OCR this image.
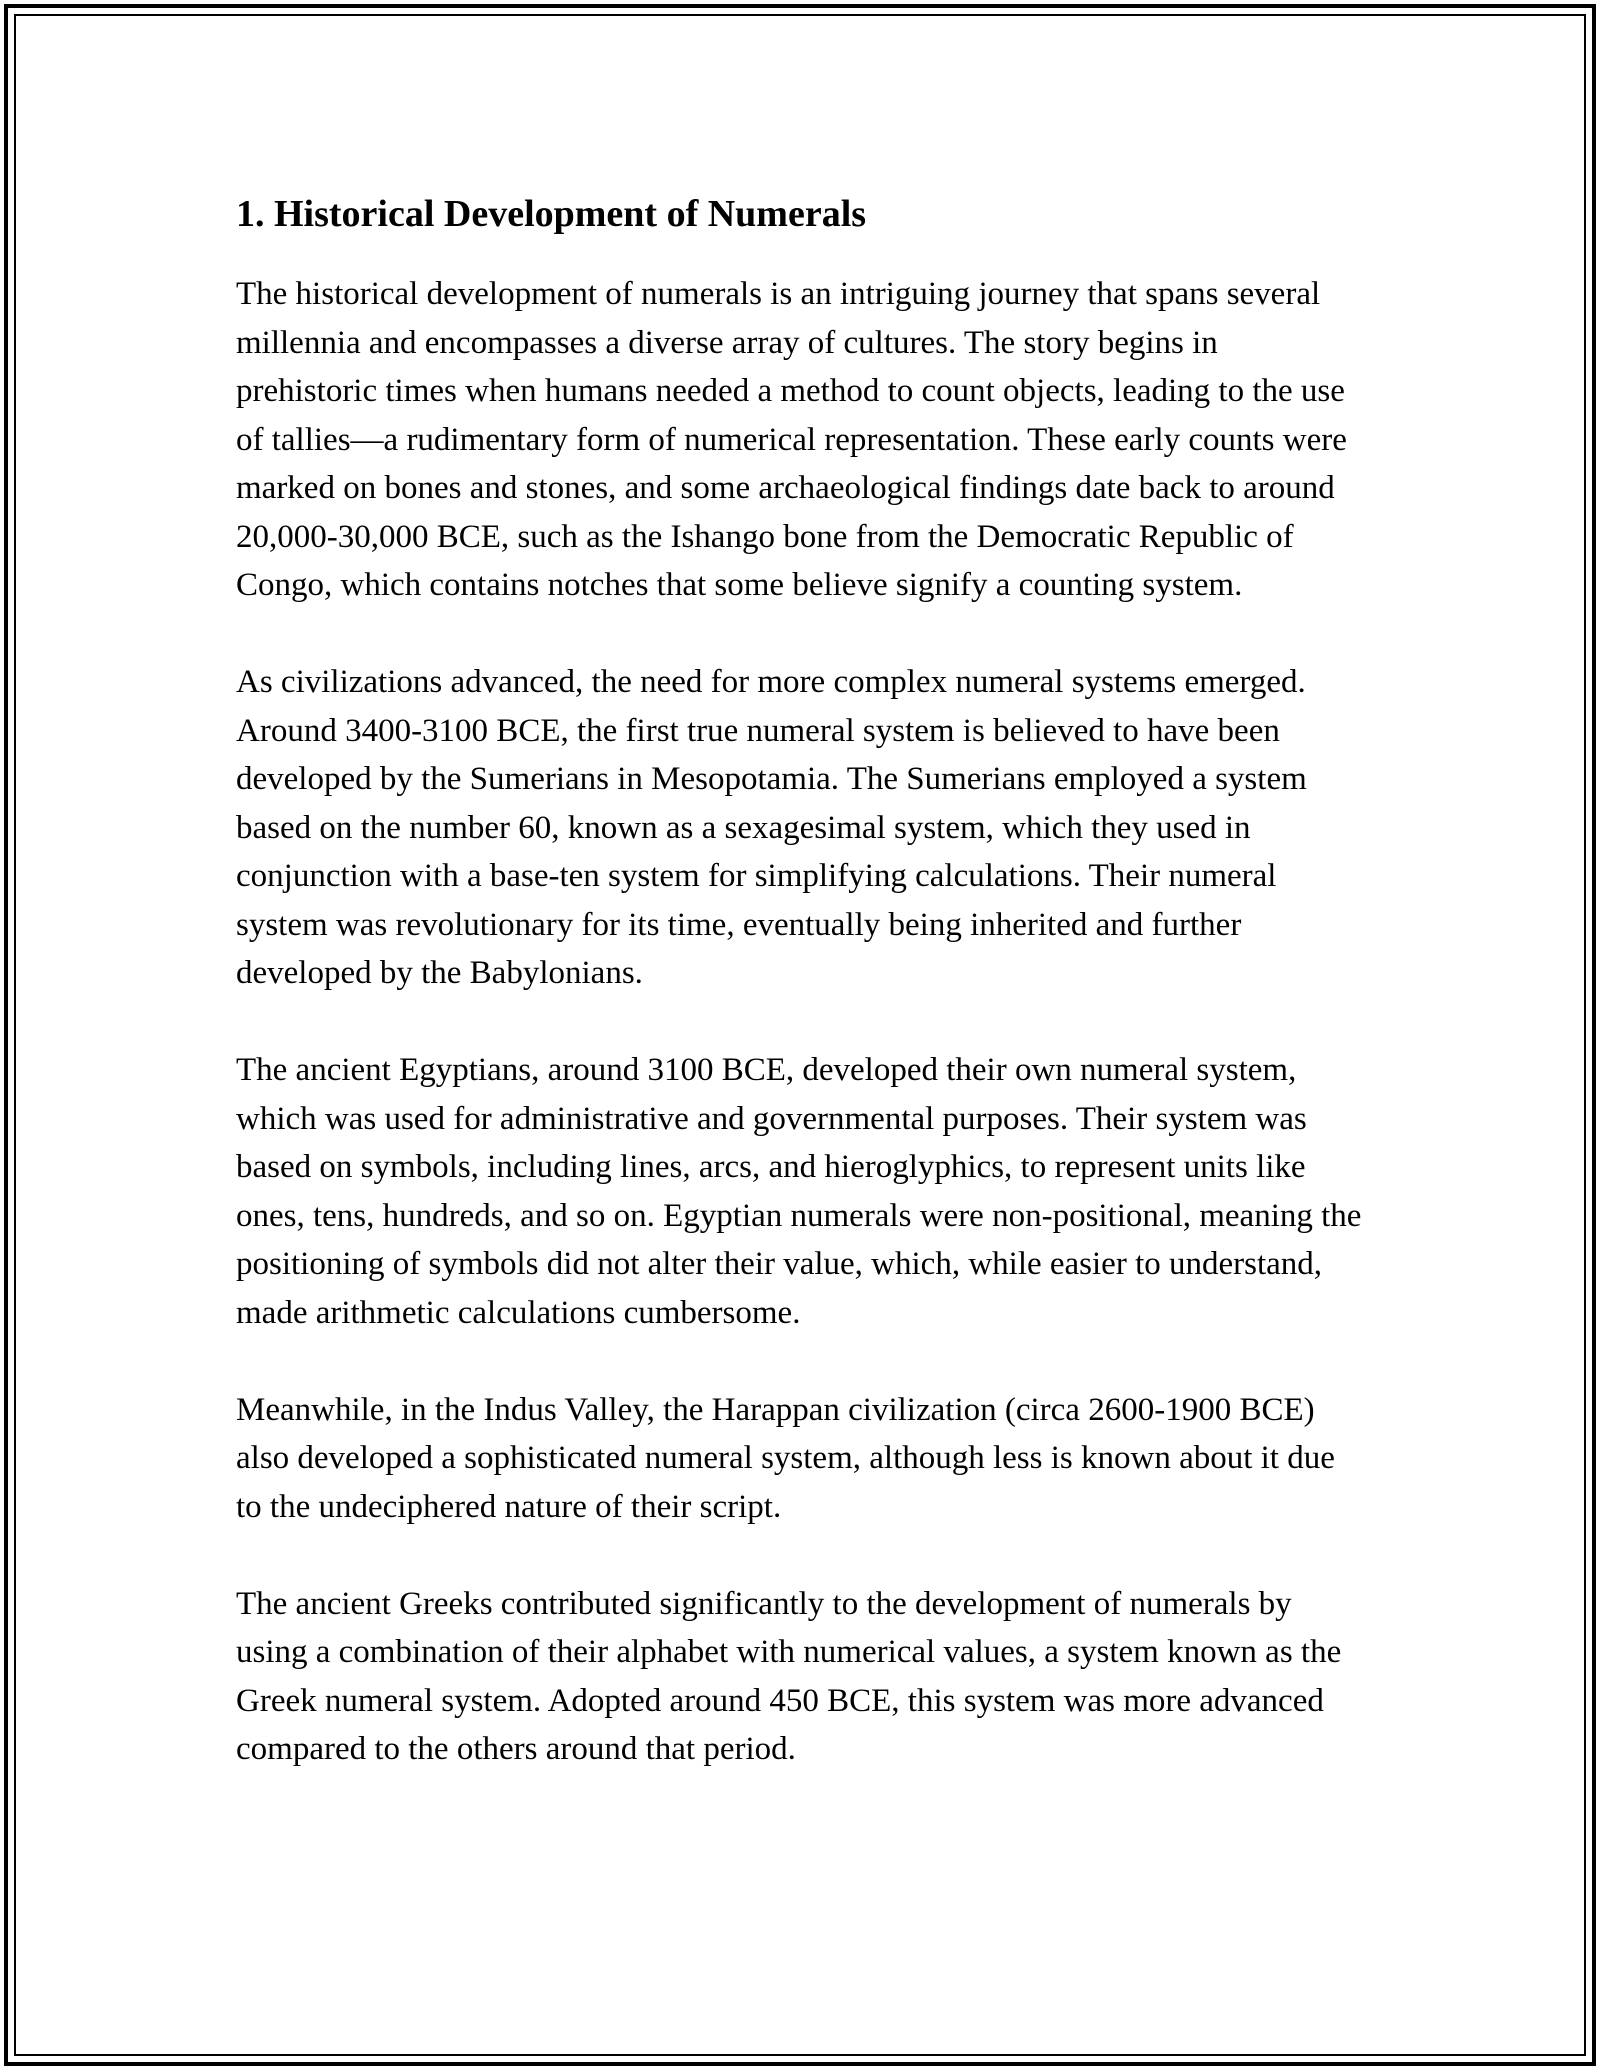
1. Historical Development of Numerals

The historical development of numerals is an intriguing journey that spans several millennia and encompasses a diverse array of cultures. The story begins in prehistoric times when humans needed a method to count objects, leading to the use of tallies—a rudimentary form of numerical representation. These early counts were marked on bones and stones, and some archaeological findings date back to around 20,000-30,000 BCE, such as the Ishango bone from the Democratic Republic of Congo, which contains notches that some believe signify a counting system.

As civilizations advanced, the need for more complex numeral systems emerged. Around 3400-3100 BCE, the first true numeral system is believed to have been developed by the Sumerians in Mesopotamia. The Sumerians employed a system based on the number 60, known as a sexagesimal system, which they used in conjunction with a base-ten system for simplifying calculations. Their numeral system was revolutionary for its time, eventually being inherited and further developed by the Babylonians.

The ancient Egyptians, around 3100 BCE, developed their own numeral system, which was used for administrative and governmental purposes. Their system was based on symbols, including lines, arcs, and hieroglyphics, to represent units like ones, tens, hundreds, and so on. Egyptian numerals were non-positional, meaning the positioning of symbols did not alter their value, which, while easier to understand, made arithmetic calculations cumbersome.

Meanwhile, in the Indus Valley, the Harappan civilization (circa 2600-1900 BCE) also developed a sophisticated numeral system, although less is known about it due to the undeciphered nature of their script.

The ancient Greeks contributed significantly to the development of numerals by using a combination of their alphabet with numerical values, a system known as the Greek numeral system. Adopted around 450 BCE, this system was more advanced compared to the others around that period.
